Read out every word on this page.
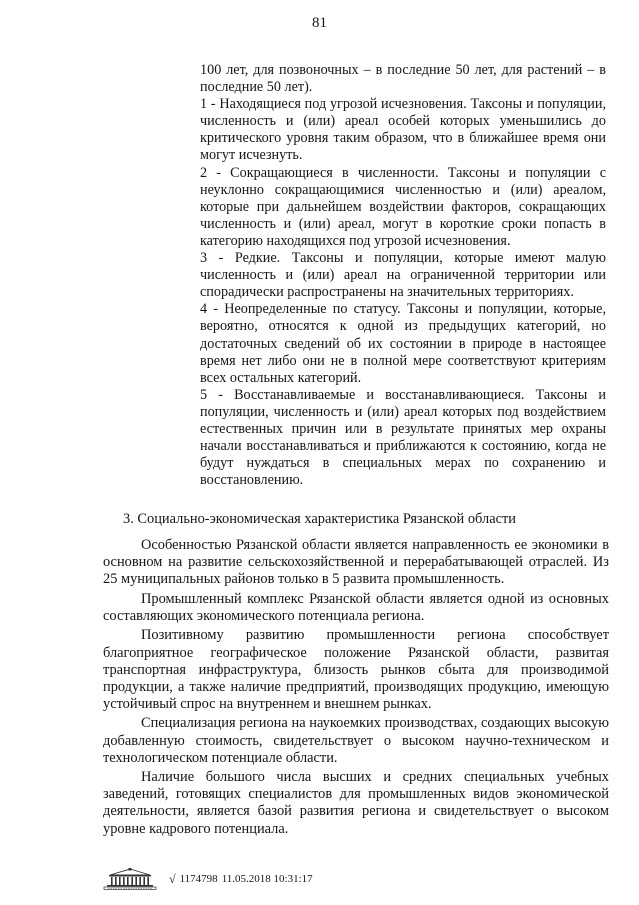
81

100 лет, для позвоночных – в последние 50 лет, для растений – в последние 50 лет).

1 - Находящиеся под угрозой исчезновения. Таксоны и популяции, численность и (или) ареал особей которых уменьшились до критического уровня таким образом, что в ближайшее время они могут исчезнуть.

2 - Сокращающиеся в численности. Таксоны и популяции с неуклонно сокращающимися численностью и (или) ареалом, которые при дальнейшем воздействии факторов, сокращающих численность и (или) ареал, могут в короткие сроки попасть в категорию находящихся под угрозой исчезновения.

3 - Редкие. Таксоны и популяции, которые имеют малую численность и (или) ареал на ограниченной территории или спорадически распространены на значительных территориях.

4 - Неопределенные по статусу. Таксоны и популяции, которые, вероятно, относятся к одной из предыдущих категорий, но достаточных сведений об их состоянии в природе в настоящее время нет либо они не в полной мере соответствуют критериям всех остальных категорий.

5 - Восстанавливаемые и восстанавливающиеся. Таксоны и популяции, численность и (или) ареал которых под воздействием естественных причин или в результате принятых мер охраны начали восстанавливаться и приближаются к состоянию, когда не будут нуждаться в специальных мерах по сохранению и восстановлению.

3. Социально-экономическая характеристика Рязанской области

Особенностью Рязанской области является направленность ее экономики в основном на развитие сельскохозяйственной и перерабатывающей отраслей. Из 25 муниципальных районов только в 5 развита промышленность.

Промышленный комплекс Рязанской области является одной из основных составляющих экономического потенциала региона.

Позитивному развитию промышленности региона способствует благоприятное географическое положение Рязанской области, развитая транспортная инфраструктура, близость рынков сбыта для производимой продукции, а также наличие предприятий, производящих продукцию, имеющую устойчивый спрос на внутреннем и внешнем рынках.

Специализация региона на наукоемких производствах, создающих высокую добавленную стоимость, свидетельствует о высоком научно-техническом и технологическом потенциале области.

Наличие большого числа высших и средних специальных учебных заведений, готовящих специалистов для промышленных видов экономической деятельности, является базой развития региона и свидетельствует о высоком уровне кадрового потенциала.

√ 1174798 11.05.2018 10:31:17
